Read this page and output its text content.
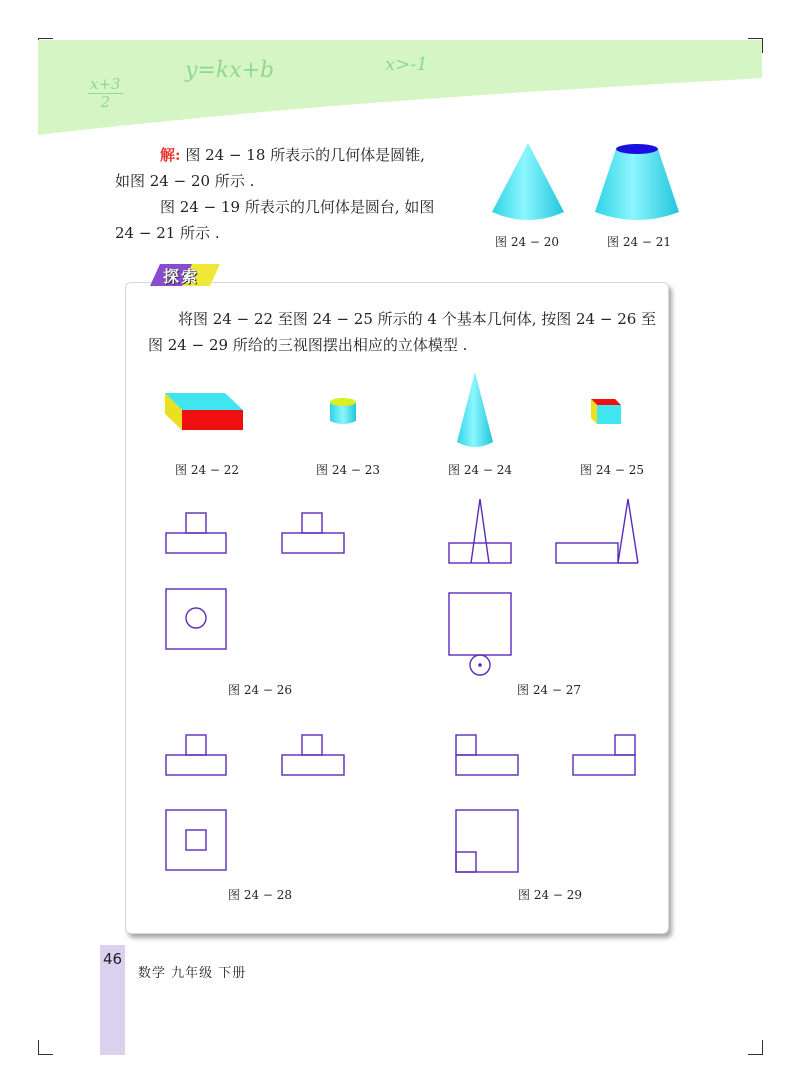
$\frac{x+3}{2}$
y=kx+b	x>-1
解: 图 24 − 18 所表示的几何体是圆锥,
如图 24 − 20 所示 .
图 24 − 19 所表示的几何体是圆台, 如图
24 − 21 所示 .	图 24 − 20	图 24 − 21
探索
将图 24 − 22 至图 24 − 25 所示的 4 个基本几何体, 按图 24 − 26 至
图 24 − 29 所给的三视图摆出相应的立体模型 .
图 24 − 22	图 24 − 23	图 24 − 24	图 24 − 25
图 24 − 26	图 24 − 27
图 24 − 28	图 24 − 29
46
数学 九年级 下册
